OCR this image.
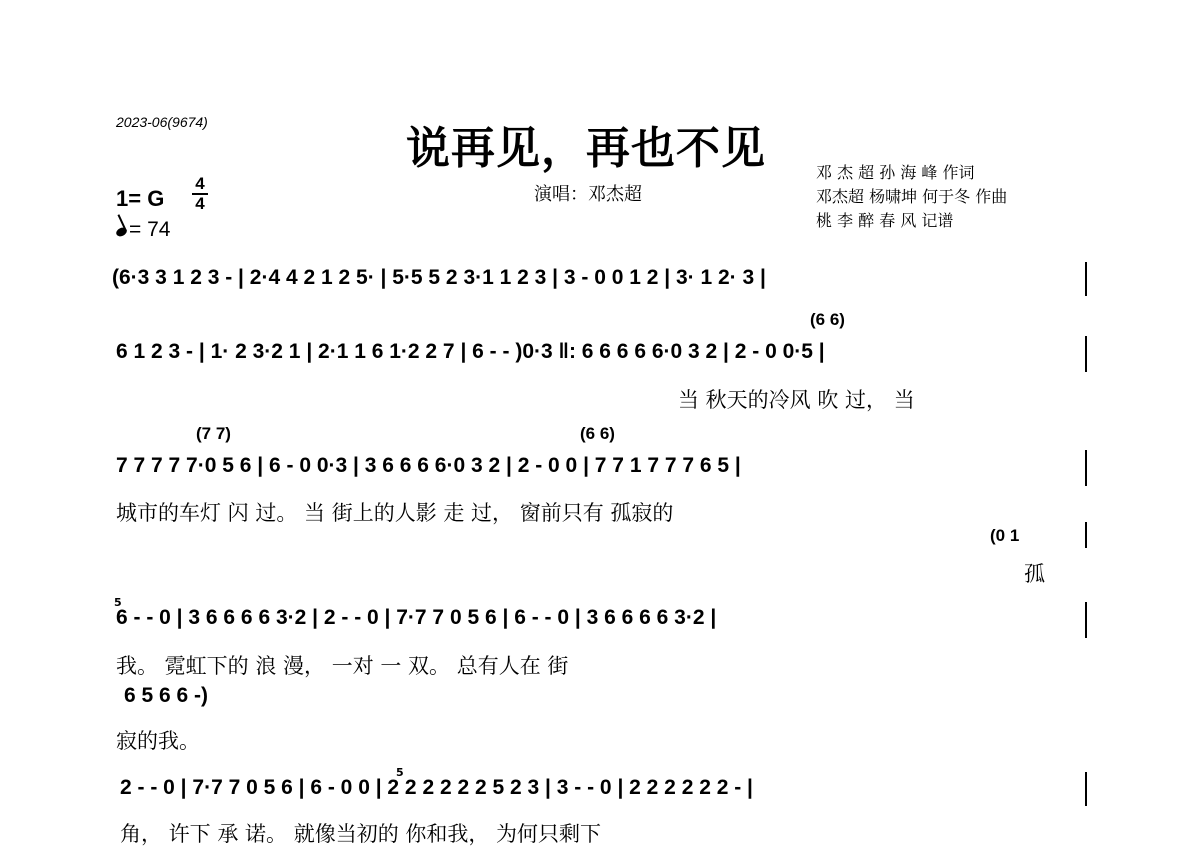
2023-06(9674)
说再见，再也不见
演唱：邓杰超
邓 杰 超 孙 海 峰 作词
邓杰超 杨啸坤 何于冬 作曲
桃 李 醉 春 风 记谱
1= G
4
4
= 74
(6·3 3 1 2 3 - | 2·4 4 2 1 2 5· | 5·5 5 2 3·1 1 2 3 | 3 - 0 0 1 2 | 3· 1 2· 3 |
6 1 2 3 - | 1· 2 3·2 1 | 2·1 1 6 1·2 2 7 | 6 - - )0·3 ‖: 6 6 6 6 6·0 3 2 | 2 - 0 0·5 |
(6 6)
当 秋天的冷风 吹 过， 当
(7 7)	(6 6)
7 7 7 7 7·0 5 6 | 6 - 0 0·3 | 3 6 6 6 6·0 3 2 | 2 - 0 0 | 7 7 1 7 7 7 6 5 |
城市的车灯 闪 过。 当 街上的人影 走 过， 窗前只有 孤寂的
(0 1
孤
6 - - 0 | 3 6 6 6 6 3·2 | 2 - - 0 | 7·7 7 0 5 6 | 6 - - 0 | 3 6 6 6 6 3·2 |
5
我。 霓虹下的 浪 漫， 一对 一 双。 总有人在 街
6 5 6 6 -)
寂的我。
2 - - 0 | 7·7 7 0 5 6 | 6 - 0 0 | 2 2 2 2 2 2 5 2 3 | 3 - - 0 | 2 2 2 2 2 2 - |
5
角， 许下 承 诺。 就像当初的 你和我， 为何只剩下
